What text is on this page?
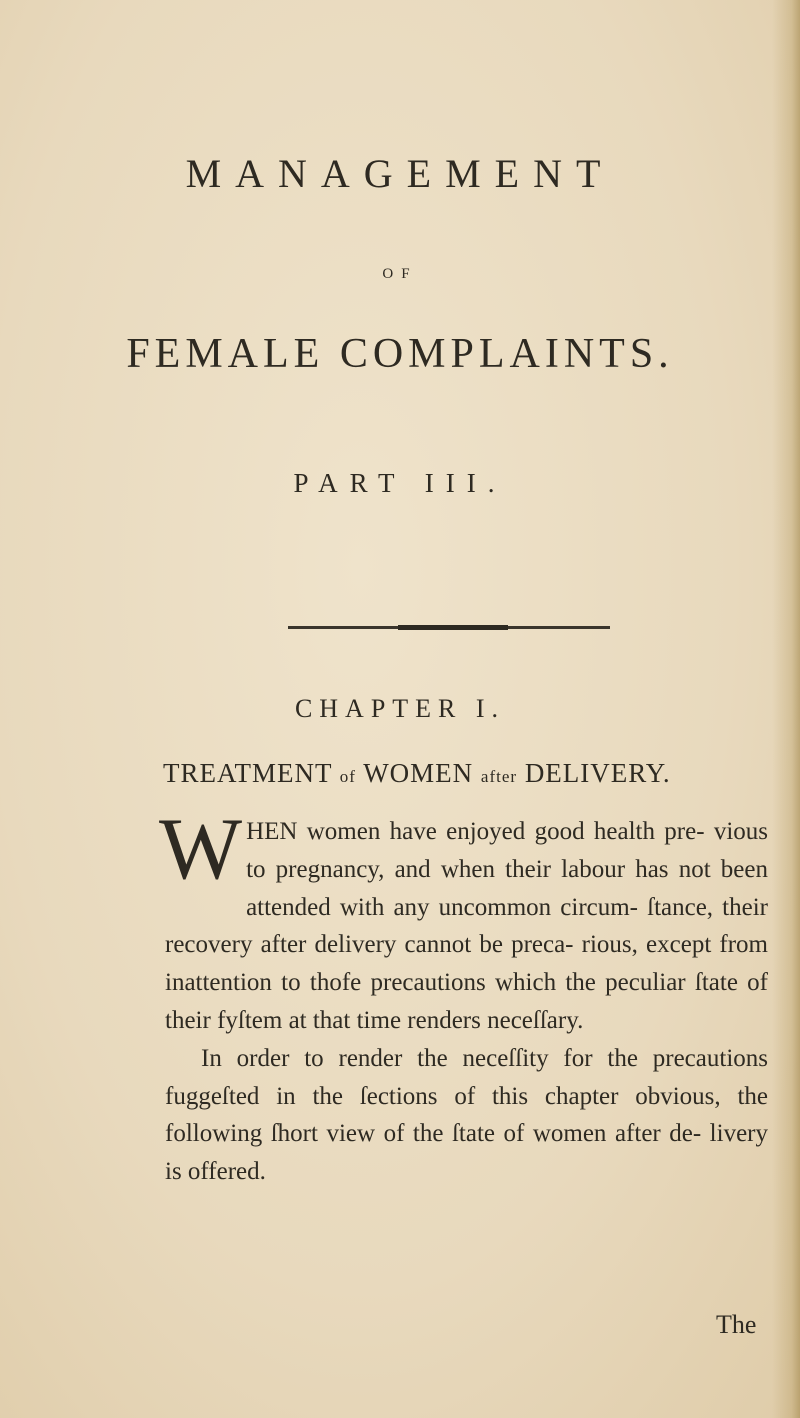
MANAGEMENT
OF
FEMALE COMPLAINTS.
PART III.
CHAPTER I.
TREATMENT of WOMEN after DELIVERY.

W HEN women have enjoyed good health pre- vious to pregnancy, and when their labour has not been attended with any uncommon circum- ſtance, their recovery after delivery cannot be preca- rious, except from inattention to thofe precautions which the peculiar ſtate of their fyſtem at that time renders neceſſary.

In order to render the neceſſity for the precautions fuggeſted in the ſections of this chapter obvious, the following ſhort view of the ſtate of women after de- livery is offered.

The
